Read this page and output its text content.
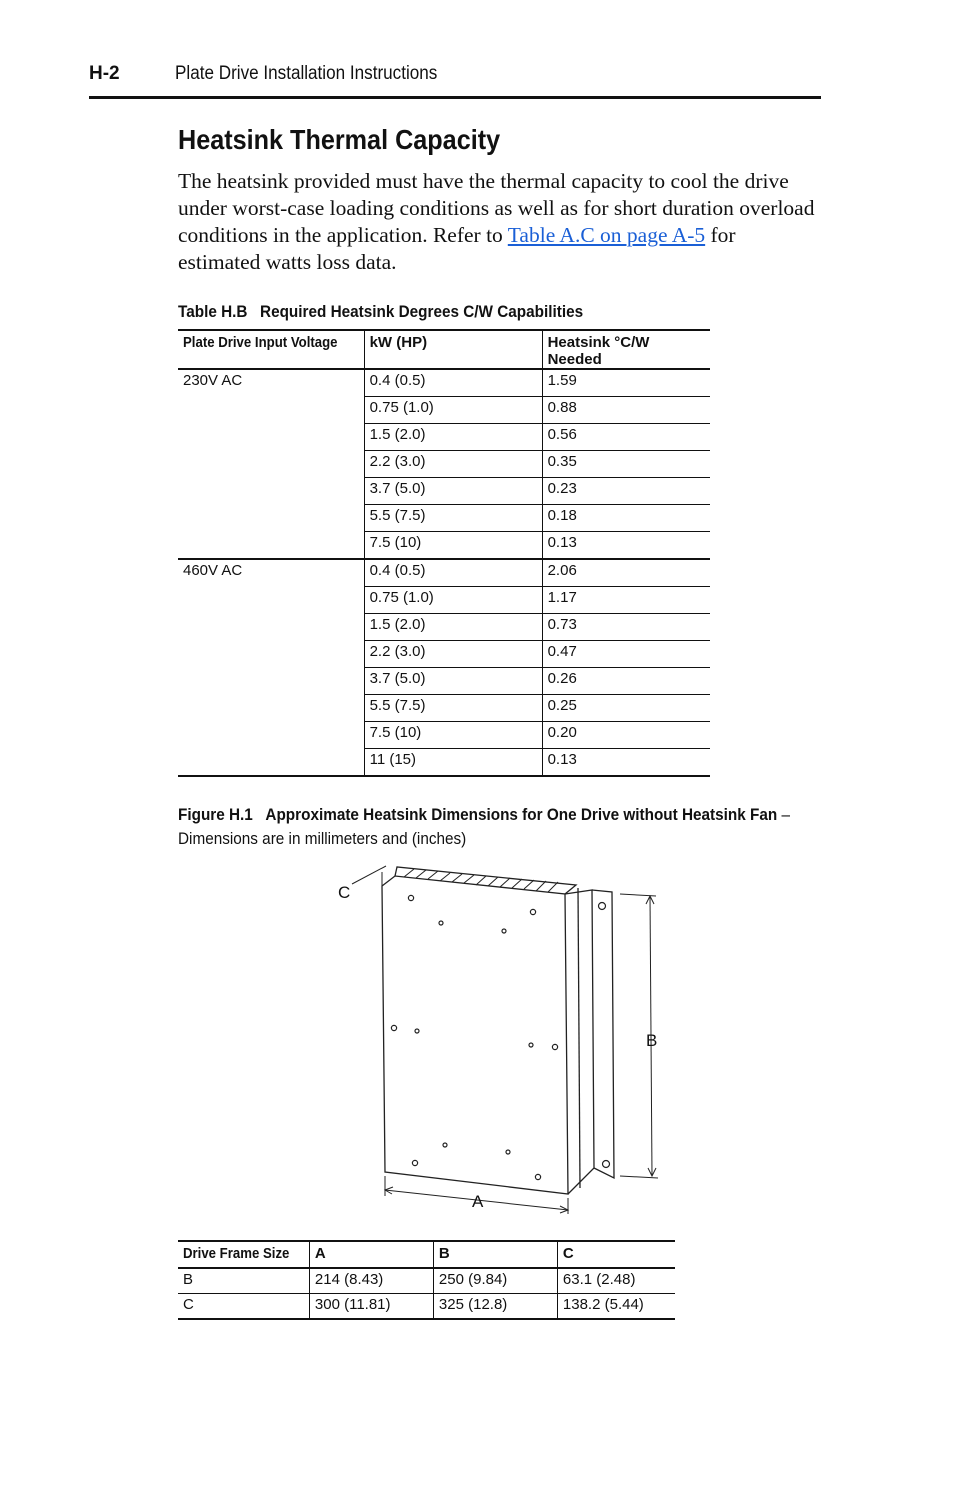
H-2	Plate Drive Installation Instructions
Heatsink Thermal Capacity

The heatsink provided must have the thermal capacity to cool the drive under worst-case loading conditions as well as for short duration overload conditions in the application. Refer to Table A.C on page A-5 for estimated watts loss data.

Table H.B Required Heatsink Degrees C/W Capabilities
Plate Drive Input Voltage	kW (HP)	Heatsink °C/W Needed
230V AC	0.4 (0.5)	1.59
	0.75 (1.0)	0.88
	1.5 (2.0)	0.56
	2.2 (3.0)	0.35
	3.7 (5.0)	0.23
	5.5 (7.5)	0.18
	7.5 (10)	0.13
460V AC	0.4 (0.5)	2.06
	0.75 (1.0)	1.17
	1.5 (2.0)	0.73
	2.2 (3.0)	0.47
	3.7 (5.0)	0.26
	5.5 (7.5)	0.25
	7.5 (10)	0.20
	11 (15)	0.13
Figure H.1 Approximate Heatsink Dimensions for One Drive without Heatsink Fan –
Dimensions are in millimeters and (inches)
C
B
A
Drive Frame Size	A	B	C
B	214 (8.43)	250 (9.84)	63.1 (2.48)
C	300 (11.81)	325 (12.8)	138.2 (5.44)
